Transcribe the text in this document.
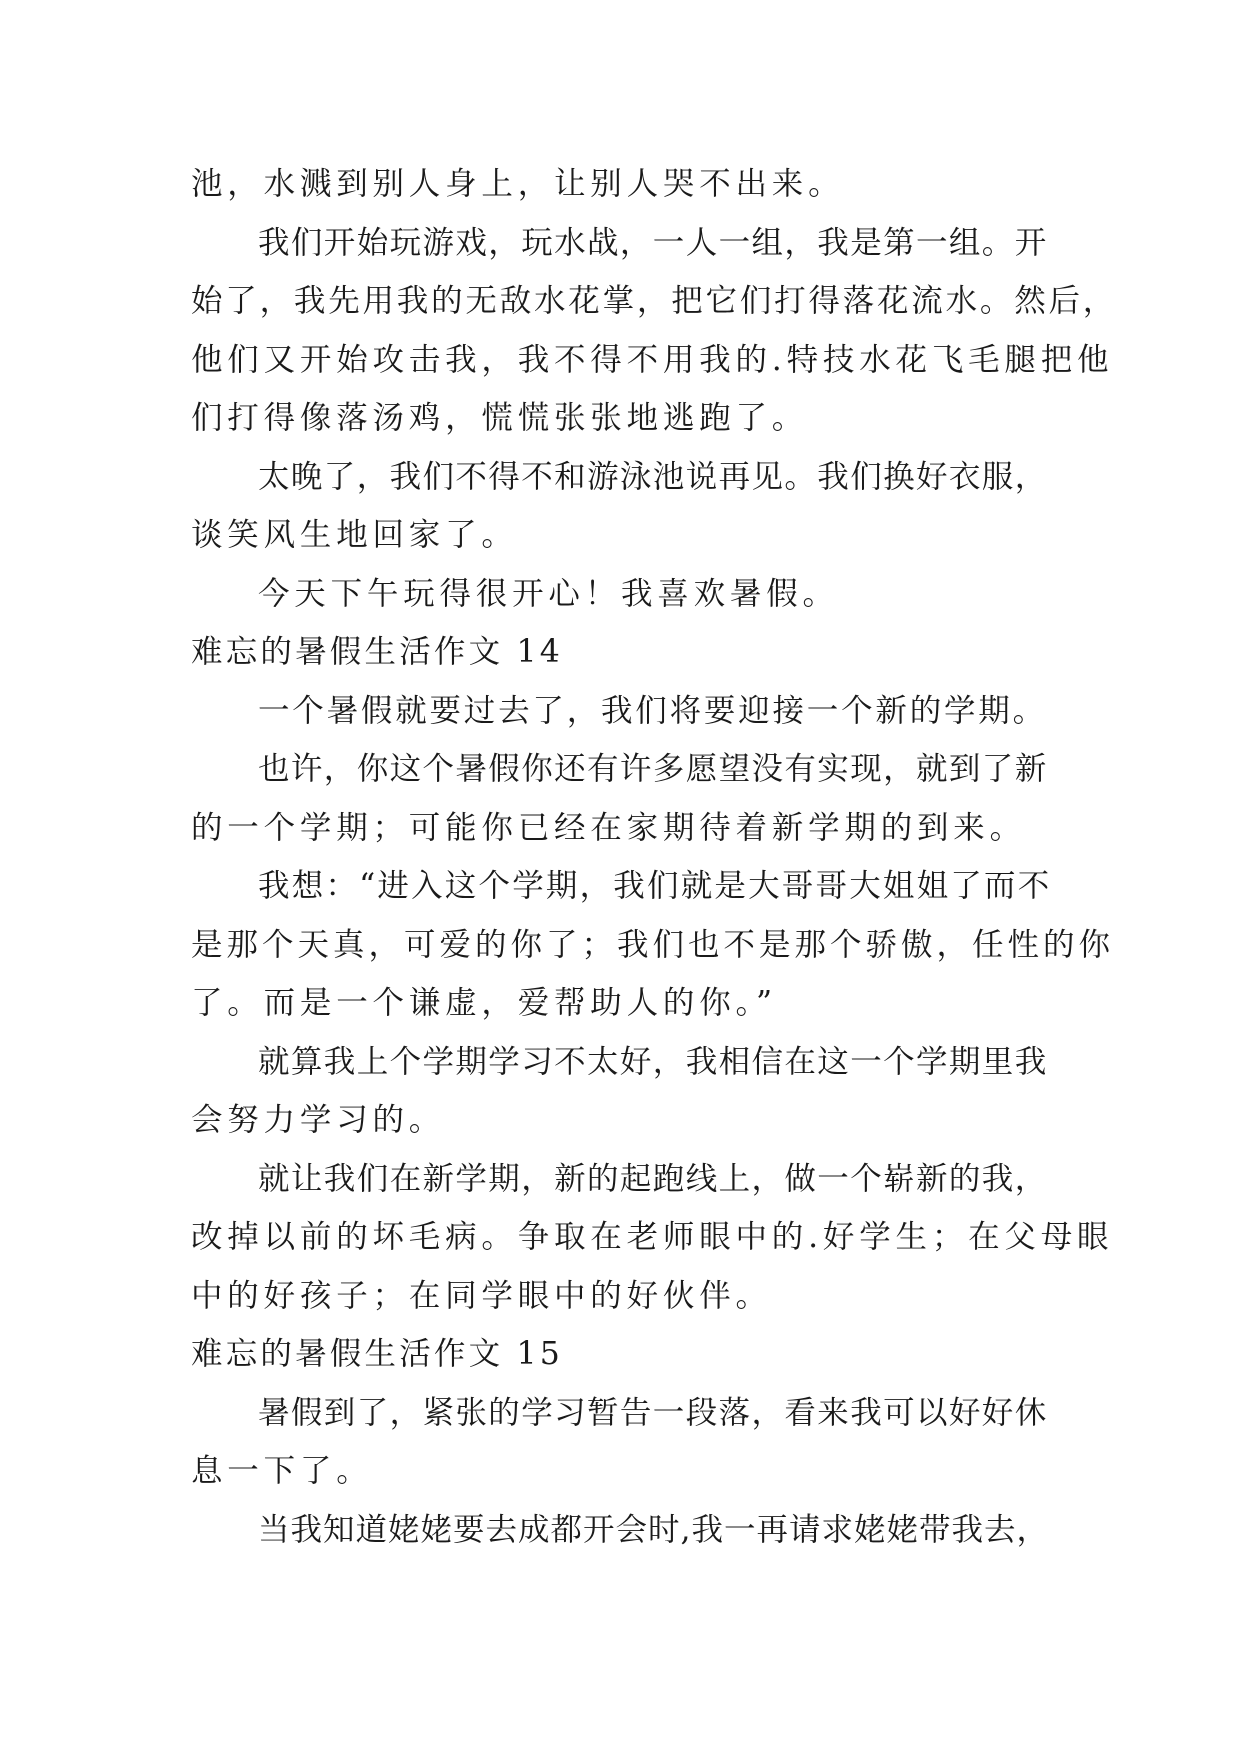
池，水溅到别人身上，让别人哭不出来。
我们开始玩游戏，玩水战，一人一组，我是第一组。开
始了，我先用我的无敌水花掌，把它们打得落花流水。然后，
他们又开始攻击我，我不得不用我的.特技水花飞毛腿把他
们打得像落汤鸡，慌慌张张地逃跑了。
太晚了，我们不得不和游泳池说再见。我们换好衣服，
谈笑风生地回家了。
今天下午玩得很开心！我喜欢暑假。
难忘的暑假生活作文 14
一个暑假就要过去了，我们将要迎接一个新的学期。
也许，你这个暑假你还有许多愿望没有实现，就到了新
的一个学期；可能你已经在家期待着新学期的到来。
我想：“进入这个学期，我们就是大哥哥大姐姐了而不
是那个天真，可爱的你了；我们也不是那个骄傲，任性的你
了。而是一个谦虚，爱帮助人的你。”
就算我上个学期学习不太好，我相信在这一个学期里我
会努力学习的。
就让我们在新学期，新的起跑线上，做一个崭新的我，
改掉以前的坏毛病。争取在老师眼中的.好学生；在父母眼
中的好孩子；在同学眼中的好伙伴。
难忘的暑假生活作文 15
暑假到了，紧张的学习暂告一段落，看来我可以好好休
息一下了。
当我知道姥姥要去成都开会时,我一再请求姥姥带我去，
